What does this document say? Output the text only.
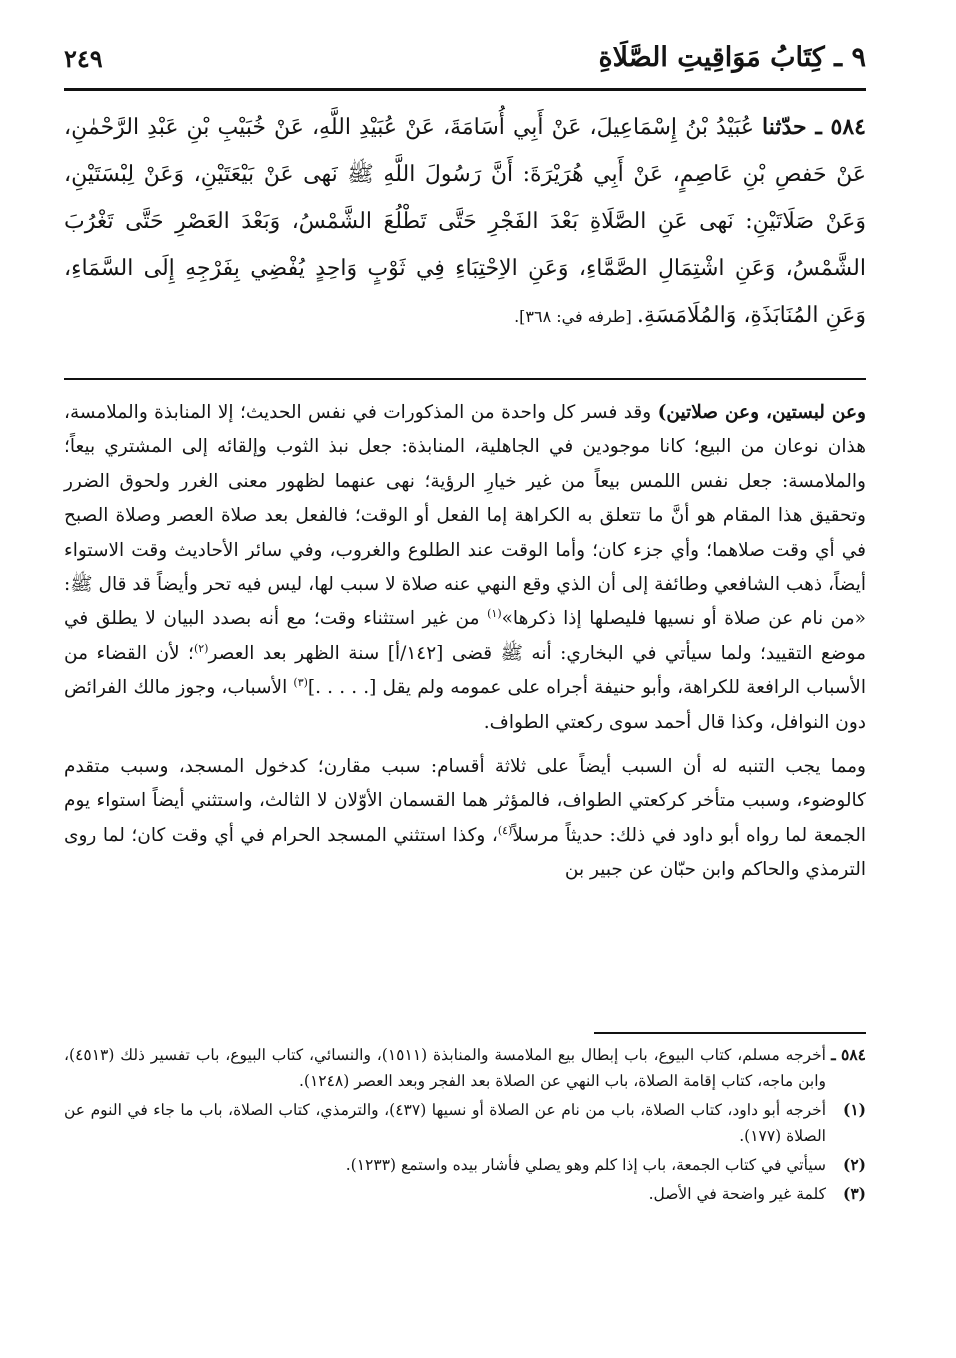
٩ ـ كِتَابُ مَوَاقِيتِ الصَّلَاةِ
٢٤٩
٥٨٤ ـ حدّثنا عُبَيْدُ بْنُ إِسْمَاعِيلَ، عَنْ أَبِي أُسَامَةَ، عَنْ عُبَيْدِ اللَّهِ، عَنْ خُبَيْبِ بْنِ عَبْدِ الرَّحْمٰنِ، عَنْ حَفصِ بْنِ عَاصِمٍ، عَنْ أَبِي هُرَيْرَةَ: أَنَّ رَسُولَ اللَّهِ ﷺ نَهى عَنْ بَيْعَتَيْنِ، وَعَنْ لِبْسَتَيْنِ، وَعَنْ صَلَاتَيْنِ: نَهى عَنِ الصَّلَاةِ بَعْدَ الفَجْرِ حَتَّى تَطْلُعَ الشَّمْسُ، وَبَعْدَ العَصْرِ حَتَّى تَغْرُبَ الشَّمْسُ، وَعَنِ اشْتِمَالِ الصَّمَّاءِ، وَعَنِ الاِحْتِبَاءِ فِي ثَوْبٍ وَاحِدٍ يُفْضِي بِفَرْجِهِ إِلَى السَّمَاءِ، وَعَنِ المُنَابَذَةِ، وَالمُلَامَسَةِ. [طرفه في: ٣٦٨].

وعن لبستين، وعن صلاتين) وقد فسر كل واحدة من المذكورات في نفس الحديث؛ إلا المنابذة والملامسة، هذان نوعان من البيع؛ كانا موجودين في الجاهلية، المنابذة: جعل نبذ الثوب وإلقائه إلى المشتري بيعاً؛ والملامسة: جعل نفس اللمس بيعاً من غير خيارِ الرؤية؛ نهى عنهما لظهور معنى الغرر ولحوق الضرر وتحقيق هذا المقام هو أنَّ ما تتعلق به الكراهة إما الفعل أو الوقت؛ فالفعل بعد صلاة العصر وصلاة الصبح في أي وقت صلاهما؛ وأي جزء كان؛ وأما الوقت عند الطلوع والغروب، وفي سائر الأحاديث وقت الاستواء أيضاً، ذهب الشافعي وطائفة إلى أن الذي وقع النهي عنه صلاة لا سبب لها، ليس فيه تحر وأيضاً قد قال ﷺ: «من نام عن صلاة أو نسيها فليصلها إذا ذكرها»$^{(١)}$ من غير استثناء وقت؛ مع أنه بصدد البيان لا يطلق في موضع التقييد؛ ولما سيأتي في البخاري: أنه ﷺ قضى [١٤٢/أ] سنة الظهر بعد العصر$^{(٢)}$؛ لأن القضاء من الأسباب الرافعة للكراهة، وأبو حنيفة أجراه على عمومه ولم يقل [. . . . .]$^{(٣)}$ الأسباب، وجوز مالك الفرائض دون النوافل، وكذا قال أحمد سوى ركعتي الطواف.

ومما يجب التنبه له أن السبب أيضاً على ثلاثة أقسام: سبب مقارن؛ كدخول المسجد، وسبب متقدم كالوضوء، وسبب متأخر كركعتي الطواف، فالمؤثر هما القسمان الأوّلان لا الثالث، واستثني أيضاً استواء يوم الجمعة لما رواه أبو داود في ذلك: حديثاً مرسلاً$^{(٤)}$، وكذا استثني المسجد الحرام في أي وقت كان؛ لما روى الترمذي والحاكم وابن حبّان عن جبير بن

٥٨٤ ـ
أخرجه مسلم، كتاب البيوع، باب إبطال بيع الملامسة والمنابذة (١٥١١)، والنسائي، كتاب البيوع، باب تفسير ذلك (٤٥١٣)، وابن ماجه، كتاب إقامة الصلاة، باب النهي عن الصلاة بعد الفجر وبعد العصر (١٢٤٨).
(١)
أخرجه أبو داود، كتاب الصلاة، باب من نام عن الصلاة أو نسيها (٤٣٧)، والترمذي، كتاب الصلاة، باب ما جاء في النوم عن الصلاة (١٧٧).
(٢)
سيأتي في كتاب الجمعة، باب إذا كلم وهو يصلي فأشار بيده واستمع (١٢٣٣).
(٣)
كلمة غير واضحة في الأصل.
